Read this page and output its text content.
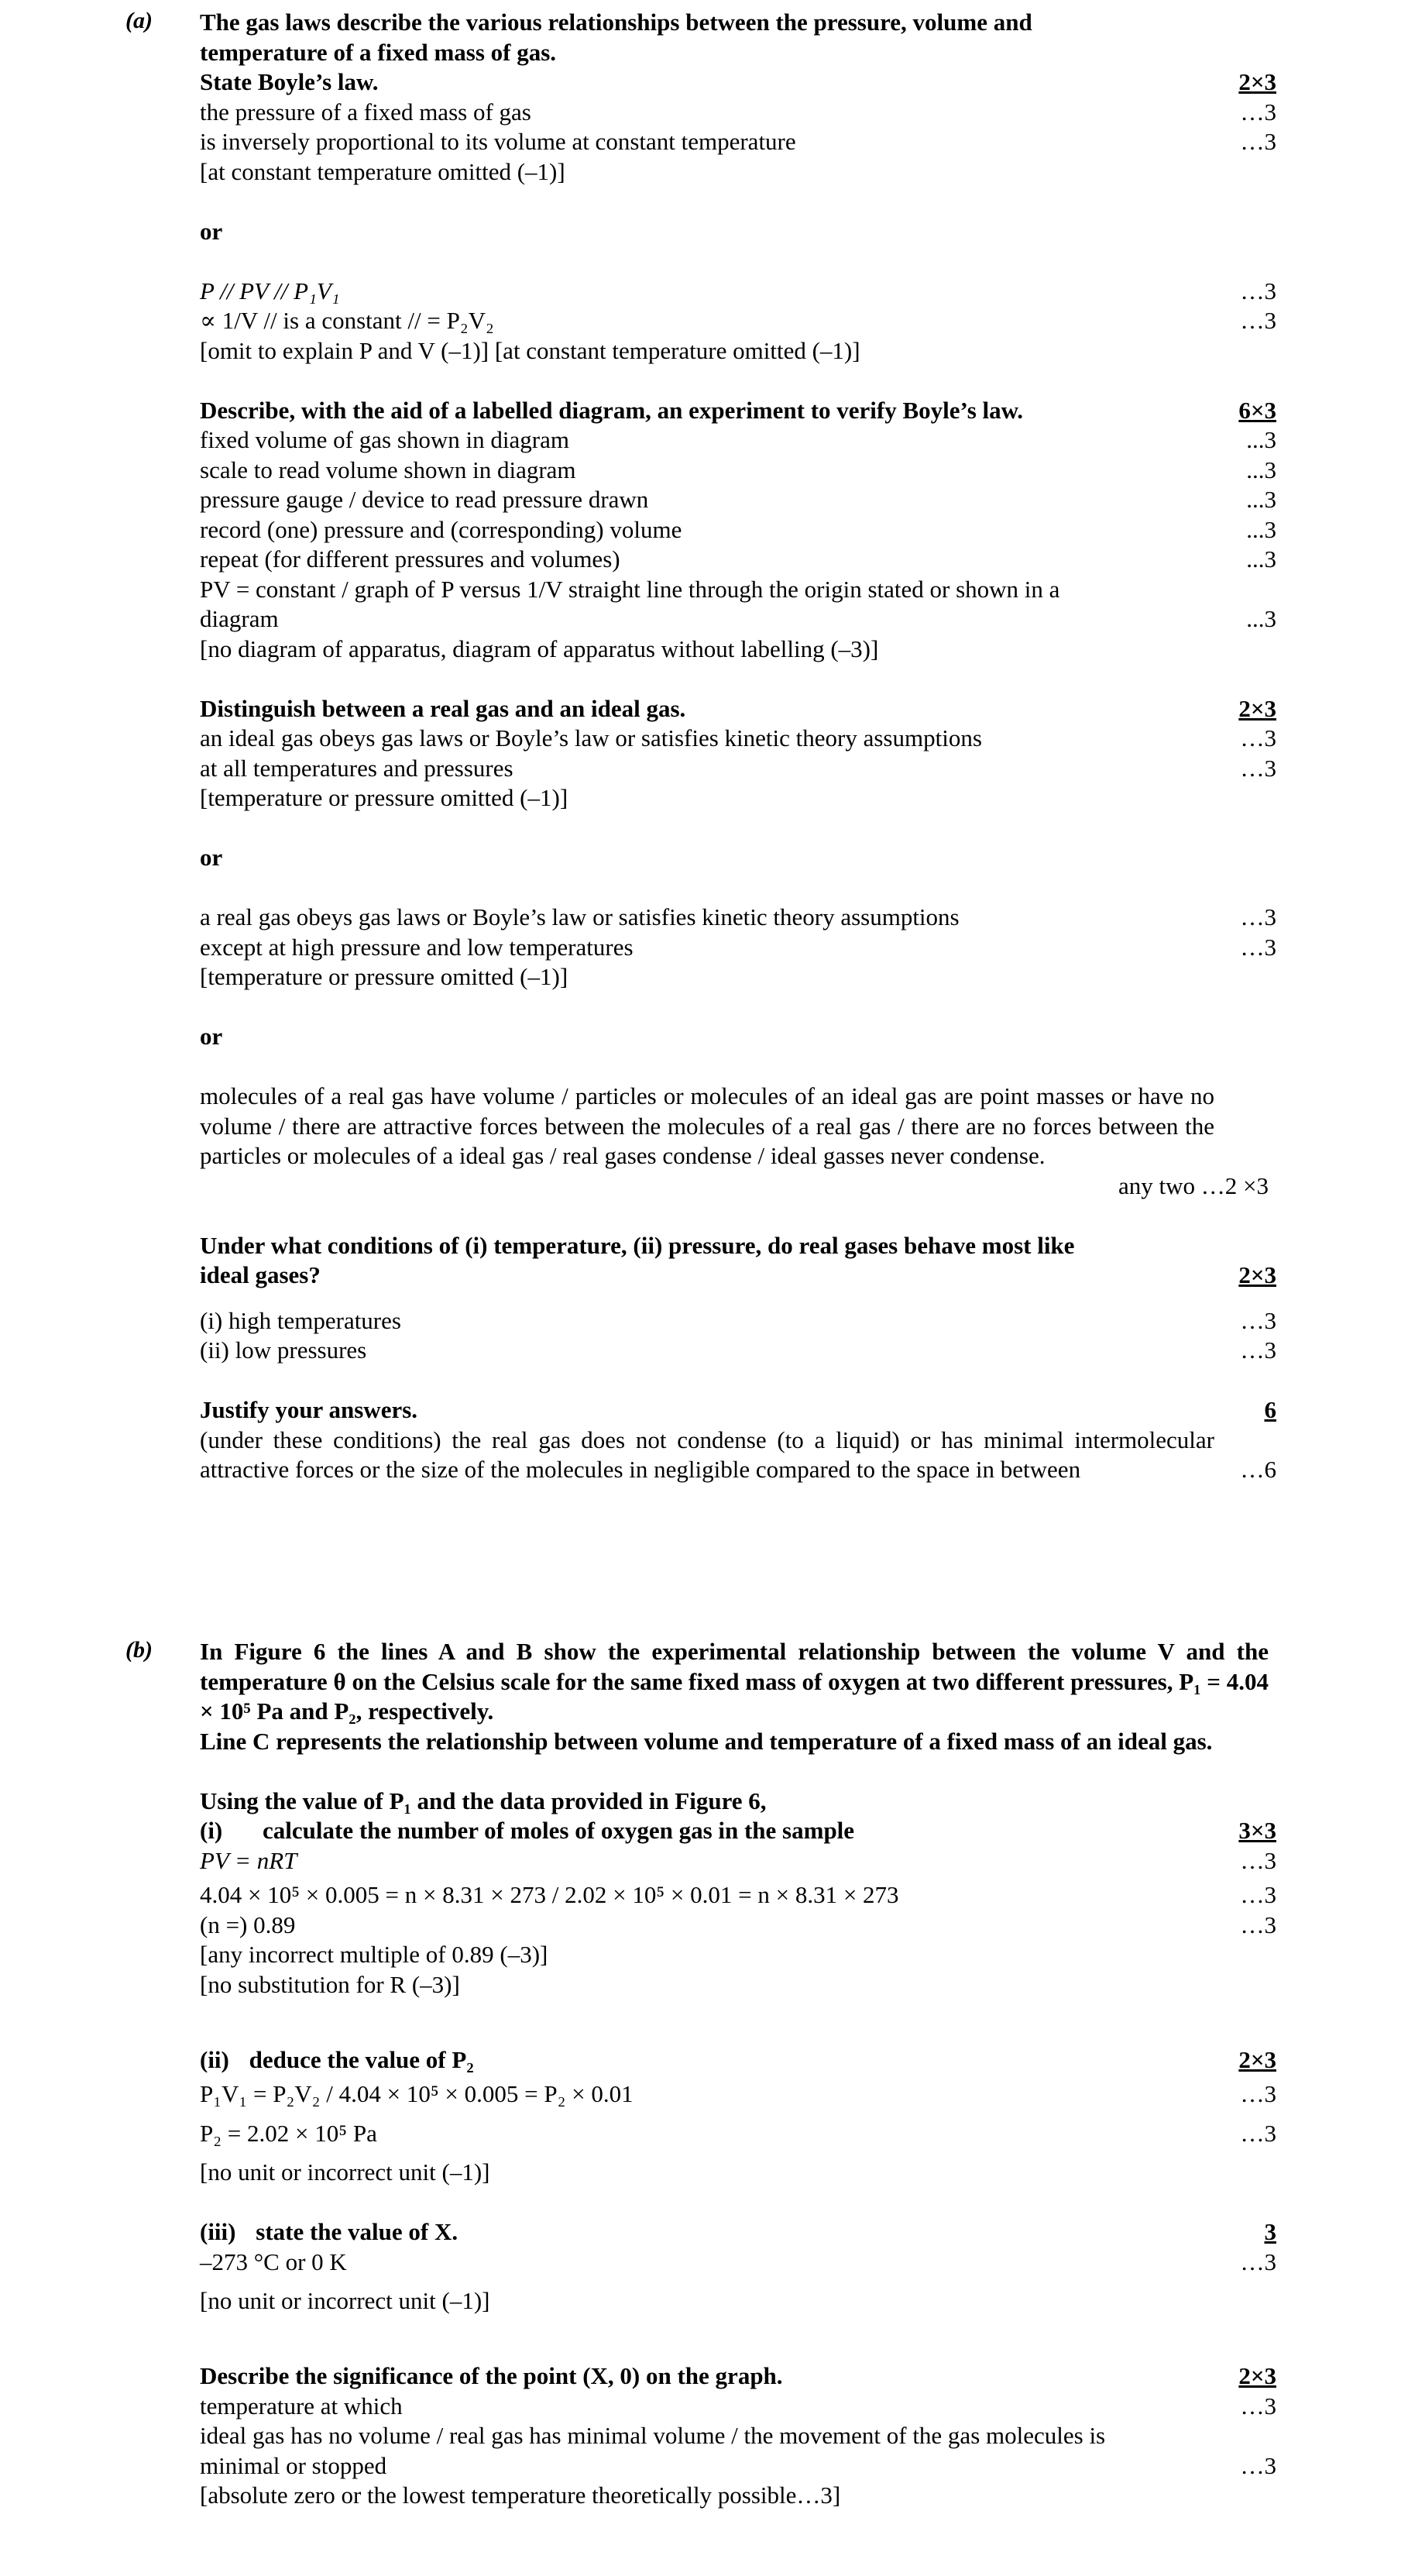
(a) The gas laws describe the various relationships between the pressure, volume and
temperature of a fixed mass of gas.
State Boyle’s law.	2×3
the pressure of a fixed mass of gas	…3
is inversely proportional to its volume at constant temperature	…3
[at constant temperature omitted (–1)]
or
P // PV // P₁V₁	…3
∝ 1/V // is a constant // = P₂V₂	…3
[omit to explain P and V (–1)] [at constant temperature omitted (–1)]
Describe, with the aid of a labelled diagram, an experiment to verify Boyle’s law.	6×3
fixed volume of gas shown in diagram	...3
scale to read volume shown in diagram	...3
pressure gauge / device to read pressure drawn	...3
record (one) pressure and (corresponding) volume	...3
repeat (for different pressures and volumes)	...3
PV = constant / graph of P versus 1/V straight line through the origin stated or shown in a
diagram	...3
[no diagram of apparatus, diagram of apparatus without labelling (–3)]
Distinguish between a real gas and an ideal gas.	2×3
an ideal gas obeys gas laws or Boyle’s law or satisfies kinetic theory assumptions	…3
at all temperatures and pressures	…3
[temperature or pressure omitted (–1)]
or
a real gas obeys gas laws or Boyle’s law or satisfies kinetic theory assumptions	…3
except at high pressure and low temperatures	…3
[temperature or pressure omitted (–1)]
or
molecules of a real gas have volume / particles or molecules of an ideal gas are point masses or have no volume / there are attractive forces between the molecules of a real gas / there are no forces between the particles or molecules of a ideal gas / real gases condense / ideal gasses never condense.
any two …2 ×3
Under what conditions of (i) temperature, (ii) pressure, do real gases behave most like
ideal gases?	2×3
(i) high temperatures	…3
(ii) low pressures	…3
Justify your answers.	6
(under these conditions) the real gas does not condense (to a liquid) or has minimal intermolecular attractive forces or the size of the molecules in negligible compared to the space in between	…6
(b) In Figure 6 the lines A and B show the experimental relationship between the volume V and the temperature θ on the Celsius scale for the same fixed mass of oxygen at two different pressures, P₁ = 4.04 × 10⁵ Pa and P₂, respectively.
Line C represents the relationship between volume and temperature of a fixed mass of an ideal gas.
Using the value of P₁ and the data provided in Figure 6,
(i) calculate the number of moles of oxygen gas in the sample	3×3
PV = nRT	…3
4.04 × 10⁵ × 0.005 = n × 8.31 × 273 / 2.02 × 10⁵ × 0.01 = n × 8.31 × 273	…3
(n =) 0.89	…3
[any incorrect multiple of 0.89 (–3)]
[no substitution for R (–3)]
(ii) deduce the value of P₂	2×3
P₁V₁ = P₂V₂ / 4.04 × 10⁵ × 0.005 = P₂ × 0.01	…3
P₂ = 2.02 × 10⁵ Pa	…3
[no unit or incorrect unit (–1)]
(iii) state the value of X.	3
–273 °C or 0 K	…3
[no unit or incorrect unit (–1)]
Describe the significance of the point (X, 0) on the graph.	2×3
temperature at which	…3
ideal gas has no volume / real gas has minimal volume / the movement of the gas molecules is
minimal or stopped	…3
[absolute zero or the lowest temperature theoretically possible…3]
